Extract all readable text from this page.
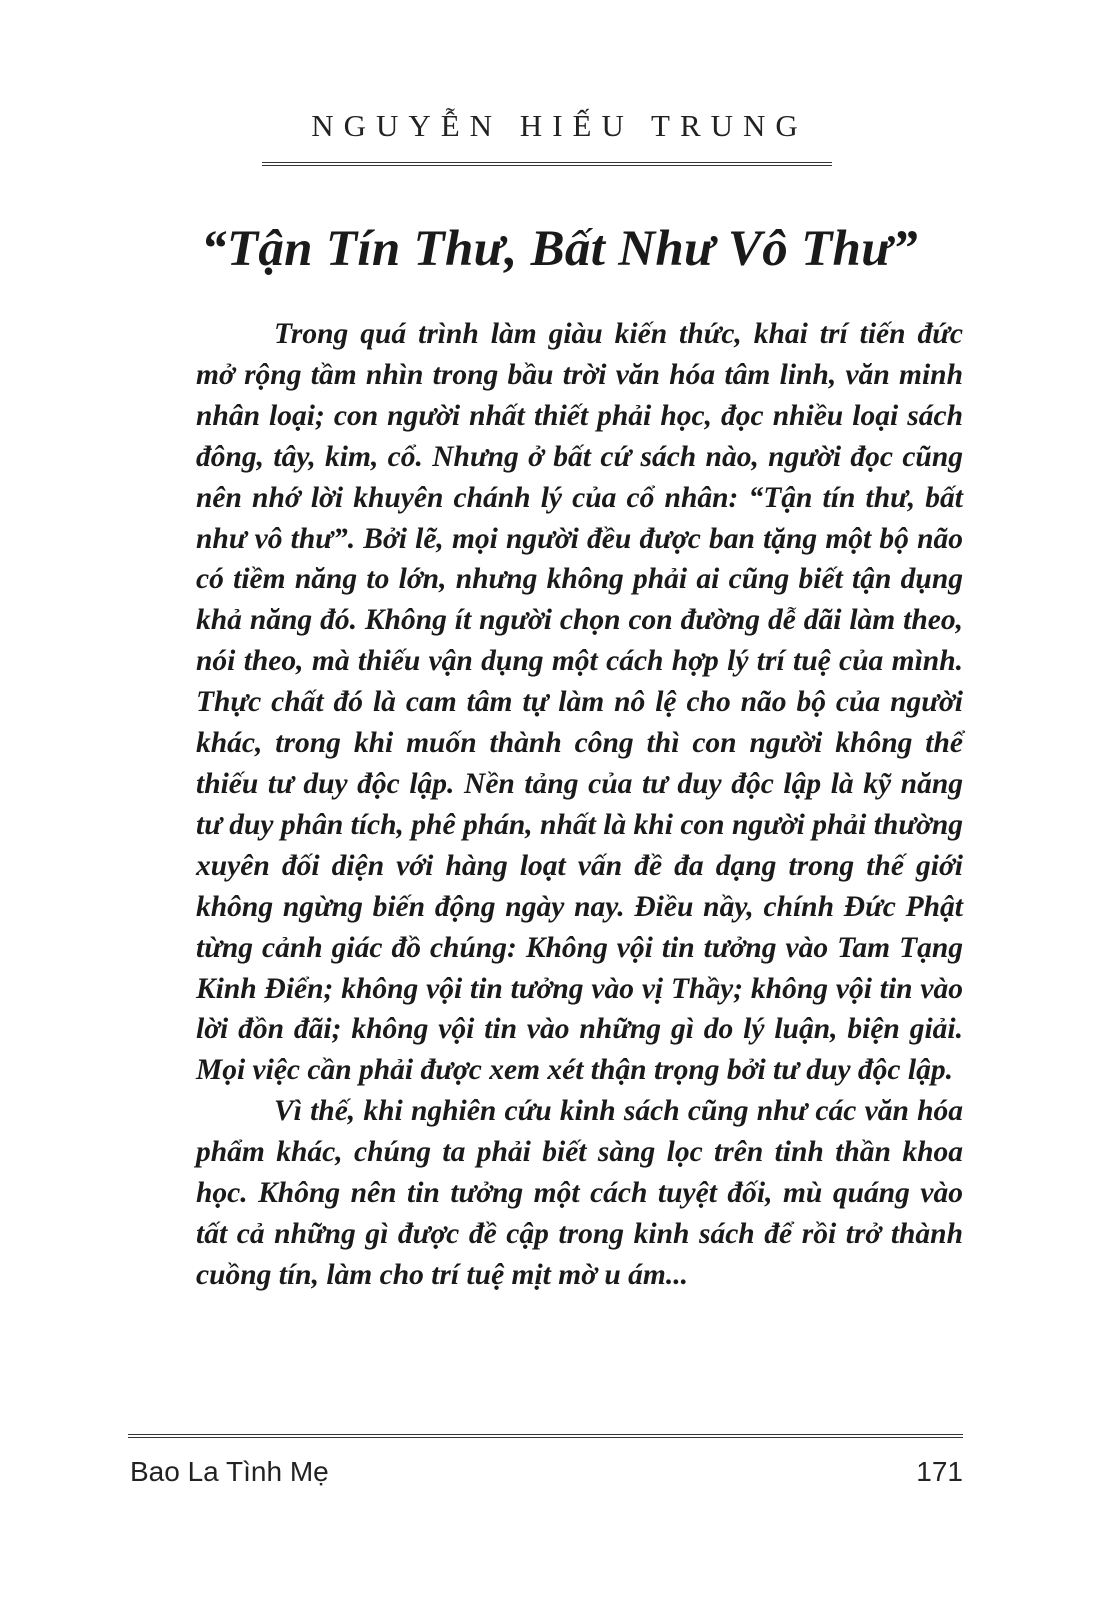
NGUYỄN HIẾU TRUNG
“Tận Tín Thư, Bất Như Vô Thư”

Trong quá trình làm giàu kiến thức, khai trí tiến đức mở rộng tầm nhìn trong bầu trời văn hóa tâm linh, văn minh nhân loại; con người nhất thiết phải học, đọc nhiều loại sách đông, tây, kim, cổ. Nhưng ở bất cứ sách nào, người đọc cũng nên nhớ lời khuyên chánh lý của cổ nhân: “Tận tín thư, bất như vô thư”. Bởi lẽ, mọi người đều được ban tặng một bộ não có tiềm năng to lớn, nhưng không phải ai cũng biết tận dụng khả năng đó. Không ít người chọn con đường dễ dãi làm theo, nói theo, mà thiếu vận dụng một cách hợp lý trí tuệ của mình. Thực chất đó là cam tâm tự làm nô lệ cho não bộ của người khác, trong khi muốn thành công thì con người không thể thiếu tư duy độc lập. Nền tảng của tư duy độc lập là kỹ năng tư duy phân tích, phê phán, nhất là khi con người phải thường xuyên đối diện với hàng loạt vấn đề đa dạng trong thế giới không ngừng biến động ngày nay. Điều nầy, chính Đức Phật từng cảnh giác đồ chúng: Không vội tin tưởng vào Tam Tạng Kinh Điển; không vội tin tưởng vào vị Thầy; không vội tin vào lời đồn đãi; không vội tin vào những gì do lý luận, biện giải. Mọi việc cần phải được xem xét thận trọng bởi tư duy độc lập.

Vì thế, khi nghiên cứu kinh sách cũng như các văn hóa phẩm khác, chúng ta phải biết sàng lọc trên tinh thần khoa học. Không nên tin tưởng một cách tuyệt đối, mù quáng vào tất cả những gì được đề cập trong kinh sách để rồi trở thành cuồng tín, làm cho trí tuệ mịt mờ u ám...

Bao La Tình Mẹ	171
